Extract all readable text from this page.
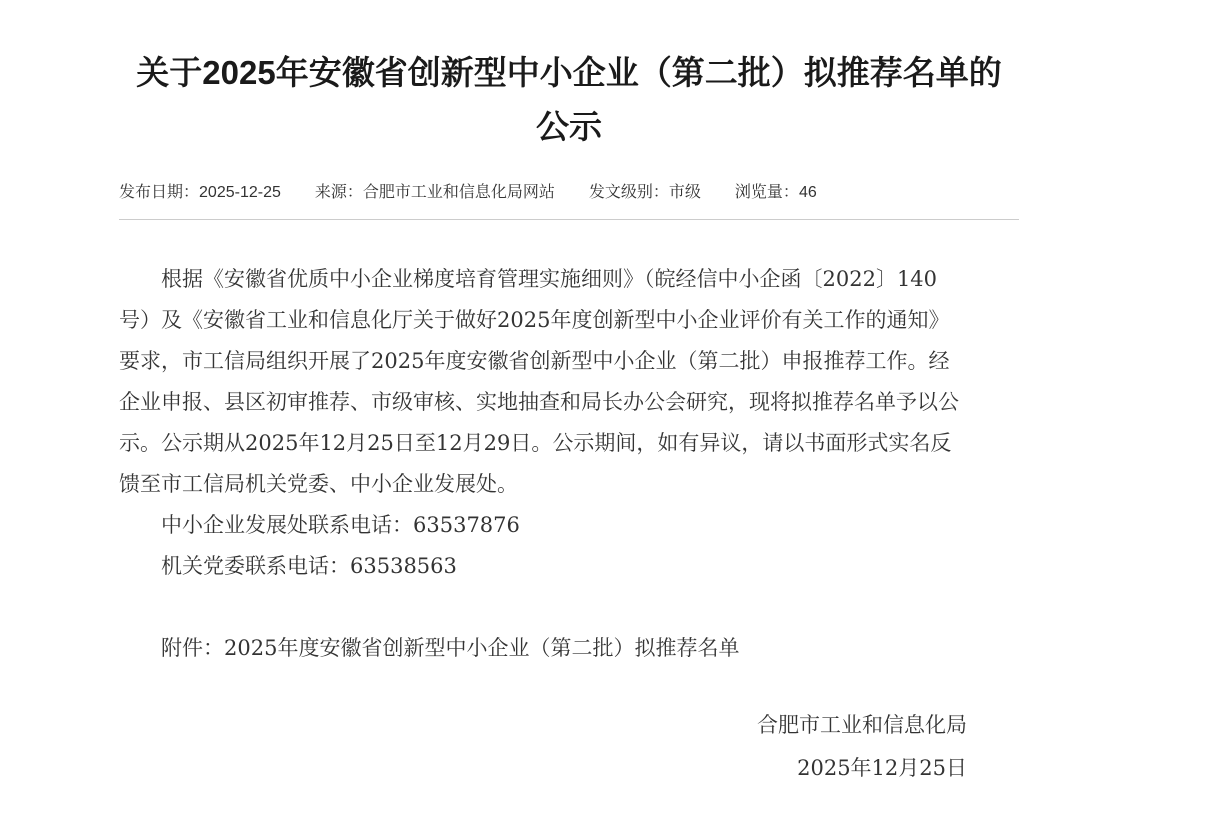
关于2025年安徽省创新型中小企业（第二批）拟推荐名单的
公示
发布日期：2025-12-25 来源：合肥市工业和信息化局网站 发文级别：市级 浏览量：46

根据《安徽省优质中小企业梯度培育管理实施细则》（皖经信中小企函〔2022〕140号）及《安徽省工业和信息化厅关于做好2025年度创新型中小企业评价有关工作的通知》要求，市工信局组织开展了2025年度安徽省创新型中小企业（第二批）申报推荐工作。经企业申报、县区初审推荐、市级审核、实地抽查和局长办公会研究，现将拟推荐名单予以公示。公示期从2025年12月25日至12月29日。公示期间，如有异议，请以书面形式实名反馈至市工信局机关党委、中小企业发展处。

中小企业发展处联系电话：63537876

机关党委联系电话：63538563

附件：2025年度安徽省创新型中小企业（第二批）拟推荐名单

合肥市工业和信息化局

2025年12月25日
